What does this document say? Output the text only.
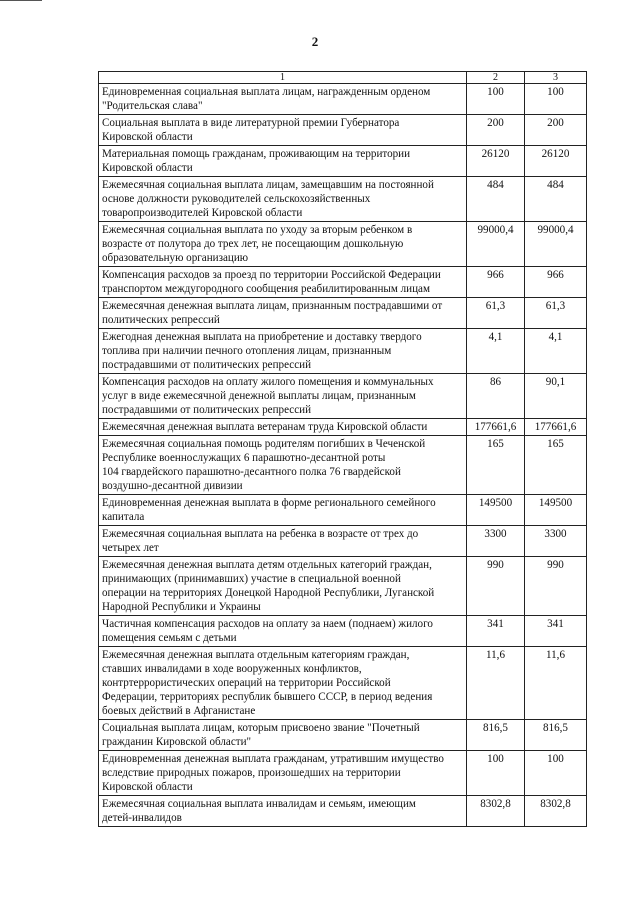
2
1	2	3
Единовременная социальная выплата лицам, награжденным орденом
"Родительская слава"	100	100
Социальная выплата в виде литературной премии Губернатора
Кировской области	200	200
Материальная помощь гражданам, проживающим на территории
Кировской области	26120	26120
Ежемесячная социальная выплата лицам, замещавшим на постоянной
основе должности руководителей сельскохозяйственных
товаропроизводителей Кировской области	484	484
Ежемесячная социальная выплата по уходу за вторым ребенком в
возрасте от полутора до трех лет, не посещающим дошкольную
образовательную организацию	99000,4	99000,4
Компенсация расходов за проезд по территории Российской Федерации
транспортом междугородного сообщения реабилитированным лицам	966	966
Ежемесячная денежная выплата лицам, признанным пострадавшими от
политических репрессий	61,3	61,3
Ежегодная денежная выплата на приобретение и доставку твердого
топлива при наличии печного отопления лицам, признанным
пострадавшими от политических репрессий	4,1	4,1
Компенсация расходов на оплату жилого помещения и коммунальных
услуг в виде ежемесячной денежной выплаты лицам, признанным
пострадавшими от политических репрессий	86	90,1
Ежемесячная денежная выплата ветеранам труда Кировской области	177661,6	177661,6
Ежемесячная социальная помощь родителям погибших в Чеченской
Республике военнослужащих 6 парашютно-десантной роты
104 гвардейского парашютно-десантного полка 76 гвардейской
воздушно-десантной дивизии	165	165
Единовременная денежная выплата в форме регионального семейного
капитала	149500	149500
Ежемесячная социальная выплата на ребенка в возрасте от трех до
четырех лет	3300	3300
Ежемесячная денежная выплата детям отдельных категорий граждан,
принимающих (принимавших) участие в специальной военной
операции на территориях Донецкой Народной Республики, Луганской
Народной Республики и Украины	990	990
Частичная компенсация расходов на оплату за наем (поднаем) жилого
помещения семьям с детьми	341	341
Ежемесячная денежная выплата отдельным категориям граждан,
ставших инвалидами в ходе вооруженных конфликтов,
контртеррористических операций на территории Российской
Федерации, территориях республик бывшего СССР, в период ведения
боевых действий в Афганистане	11,6	11,6
Социальная выплата лицам, которым присвоено звание "Почетный
гражданин Кировской области"	816,5	816,5
Единовременная денежная выплата гражданам, утратившим имущество
вследствие природных пожаров, произошедших на территории
Кировской области	100	100
Ежемесячная социальная выплата инвалидам и семьям, имеющим
детей-инвалидов	8302,8	8302,8
